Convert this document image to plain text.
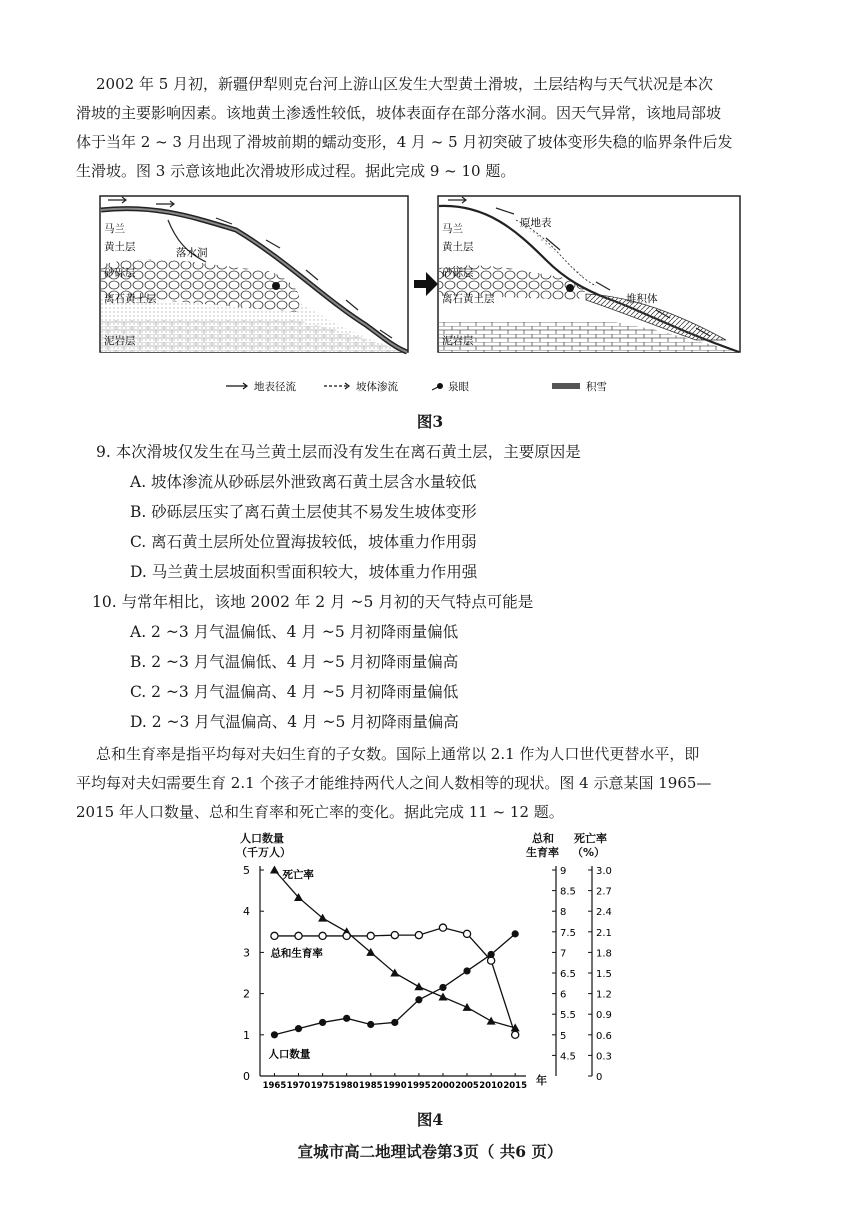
2002 年 5 月初，新疆伊犁则克台河上游山区发生大型黄土滑坡，土层结构与天气状况是本次
滑坡的主要影响因素。该地黄土渗透性较低，坡体表面存在部分落水洞。因天气异常，该地局部坡
体于当年 2 ~ 3 月出现了滑坡前期的蠕动变形，4 月 ~ 5 月初突破了坡体变形失稳的临界条件后发
生滑坡。图 3 示意该地此次滑坡形成过程。据此完成 9 ~ 10 题。
马兰
黄土层	落水洞
砂砾层
离石黄土层
泥岩层
马兰
黄土层
原地表
砂砾层
离石黄土层	堆积体
泥岩层
地表径流	坡体渗流	泉眼	积雪
图3
9. 本次滑坡仅发生在马兰黄土层而没有发生在离石黄土层，主要原因是
A. 坡体渗流从砂砾层外泄致离石黄土层含水量较低
B. 砂砾层压实了离石黄土层使其不易发生坡体变形
C. 离石黄土层所处位置海拔较低，坡体重力作用弱
D. 马兰黄土层坡面积雪面积较大，坡体重力作用强
10. 与常年相比，该地 2002 年 2 月 ~5 月初的天气特点可能是
A. 2 ~3 月气温偏低、4 月 ~5 月初降雨量偏低
B. 2 ~3 月气温偏低、4 月 ~5 月初降雨量偏高
C. 2 ~3 月气温偏高、4 月 ~5 月初降雨量偏低
D. 2 ~3 月气温偏高、4 月 ~5 月初降雨量偏高
总和生育率是指平均每对夫妇生育的子女数。国际上通常以 2.1 作为人口世代更替水平，即
平均每对夫妇需要生育 2.1 个孩子才能维持两代人之间人数相等的现状。图 4 示意某国 1965—
2015 年人口数量、总和生育率和死亡率的变化。据此完成 11 ~ 12 题。
人口数量
（千万人）
总和
生育率
死亡率
（%）
年
0
1
2
3
4
5
4.5
5
5.5
6
6.5
7
7.5
8
8.5
9
0
0.3
0.6
0.9
1.2
1.5
1.8
2.1
2.4
2.7
3.0
1965 1970 1975 1980 1985 1990 1995 2000 2005 2010 2015
死亡率
总和生育率
人口数量
图4
宣城市高二地理试卷第3页（ 共6 页）
